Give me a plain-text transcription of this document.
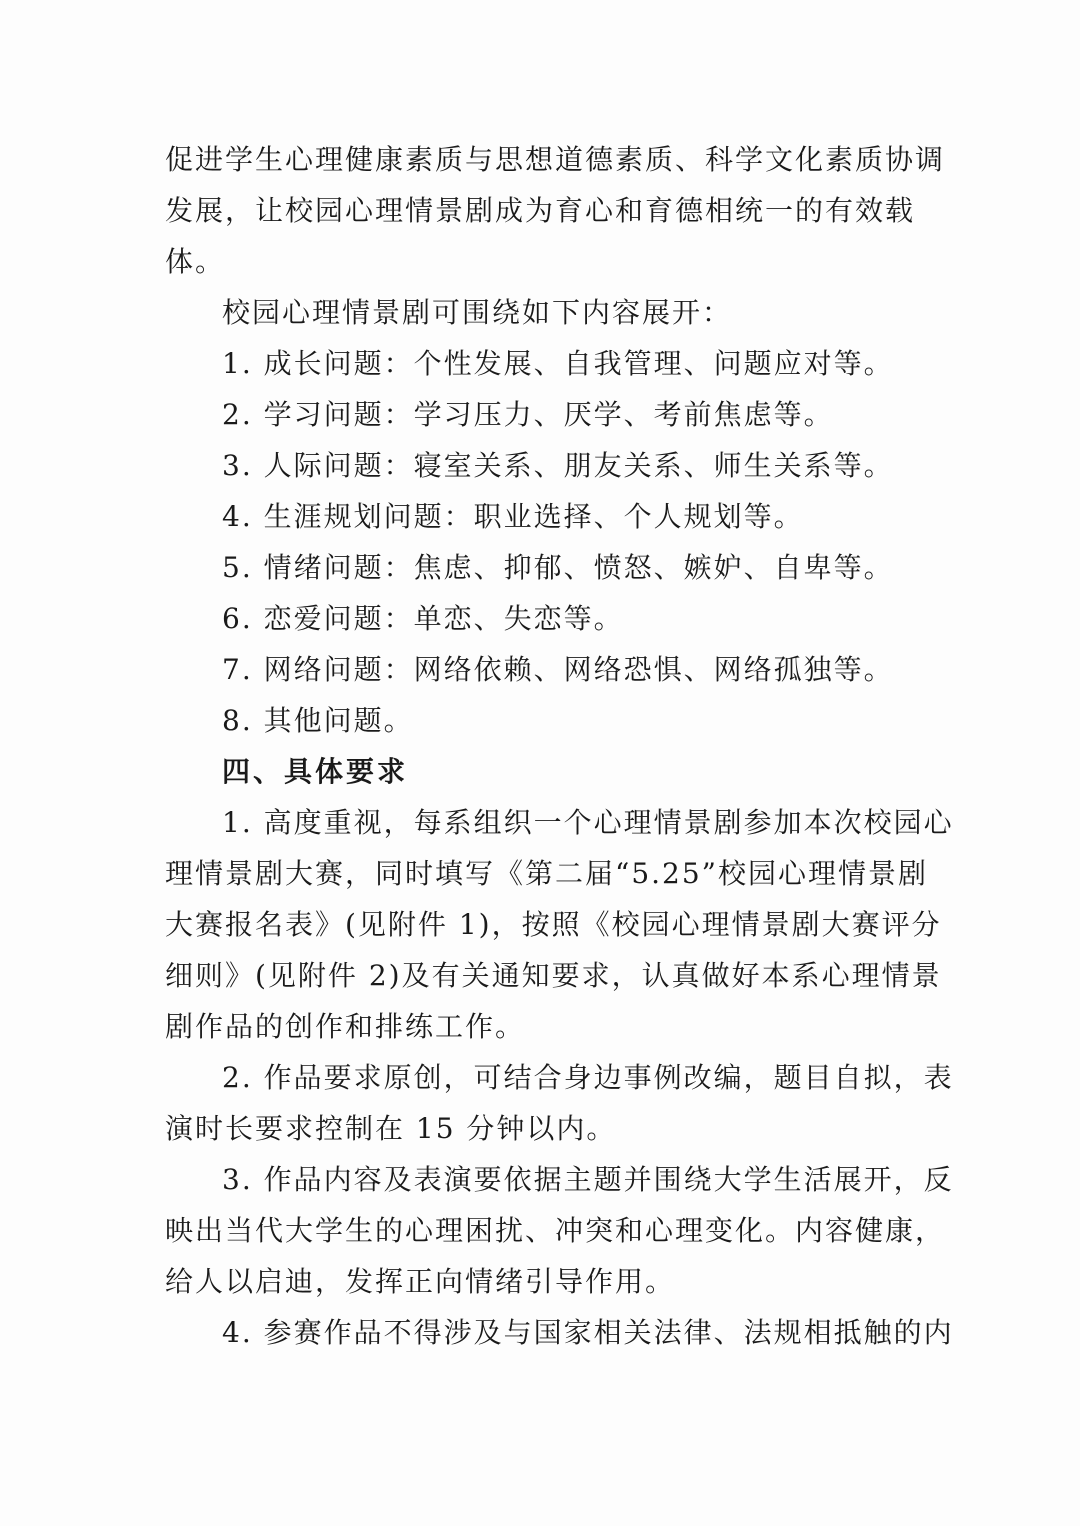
促进学生心理健康素质与思想道德素质、科学文化素质协调
发展，让校园心理情景剧成为育心和育德相统一的有效载
体。
校园心理情景剧可围绕如下内容展开：
1. 成长问题：个性发展、自我管理、问题应对等。
2. 学习问题：学习压力、厌学、考前焦虑等。
3. 人际问题：寝室关系、朋友关系、师生关系等。
4. 生涯规划问题：职业选择、个人规划等。
5. 情绪问题：焦虑、抑郁、愤怒、嫉妒、自卑等。
6. 恋爱问题：单恋、失恋等。
7. 网络问题：网络依赖、网络恐惧、网络孤独等。
8. 其他问题。
四、具体要求
1. 高度重视，每系组织一个心理情景剧参加本次校园心
理情景剧大赛，同时填写《第二届“5.25”校园心理情景剧
大赛报名表》(见附件 1)，按照《校园心理情景剧大赛评分
细则》(见附件 2)及有关通知要求，认真做好本系心理情景
剧作品的创作和排练工作。
2. 作品要求原创，可结合身边事例改编，题目自拟，表
演时长要求控制在 15 分钟以内。
3. 作品内容及表演要依据主题并围绕大学生活展开，反
映出当代大学生的心理困扰、冲突和心理变化。内容健康，
给人以启迪，发挥正向情绪引导作用。
4. 参赛作品不得涉及与国家相关法律、法规相抵触的内
